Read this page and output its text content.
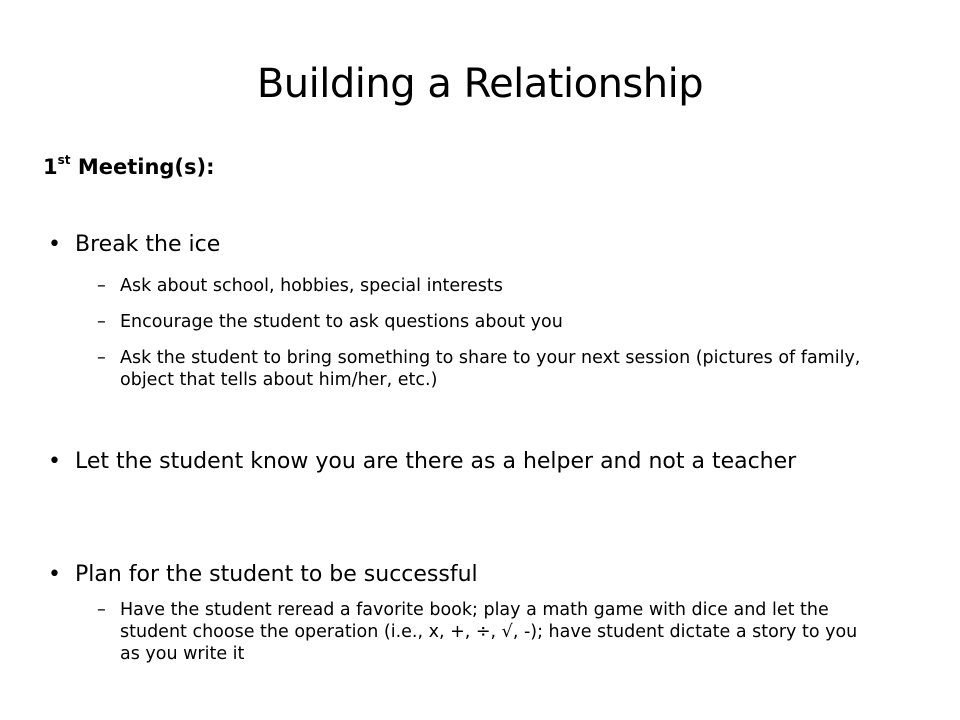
Building a Relationship
1st Meeting(s):
• Break the ice
– Ask about school, hobbies, special interests
– Encourage the student to ask questions about you
– Ask the student to bring something to share to your next session (pictures of family, object that tells about him/her, etc.)
• Let the student know you are there as a helper and not a teacher
• Plan for the student to be successful
– Have the student reread a favorite book; play a math game with dice and let the student choose the operation (i.e., x, +, ÷, √, -); have student dictate a story to you as you write it
